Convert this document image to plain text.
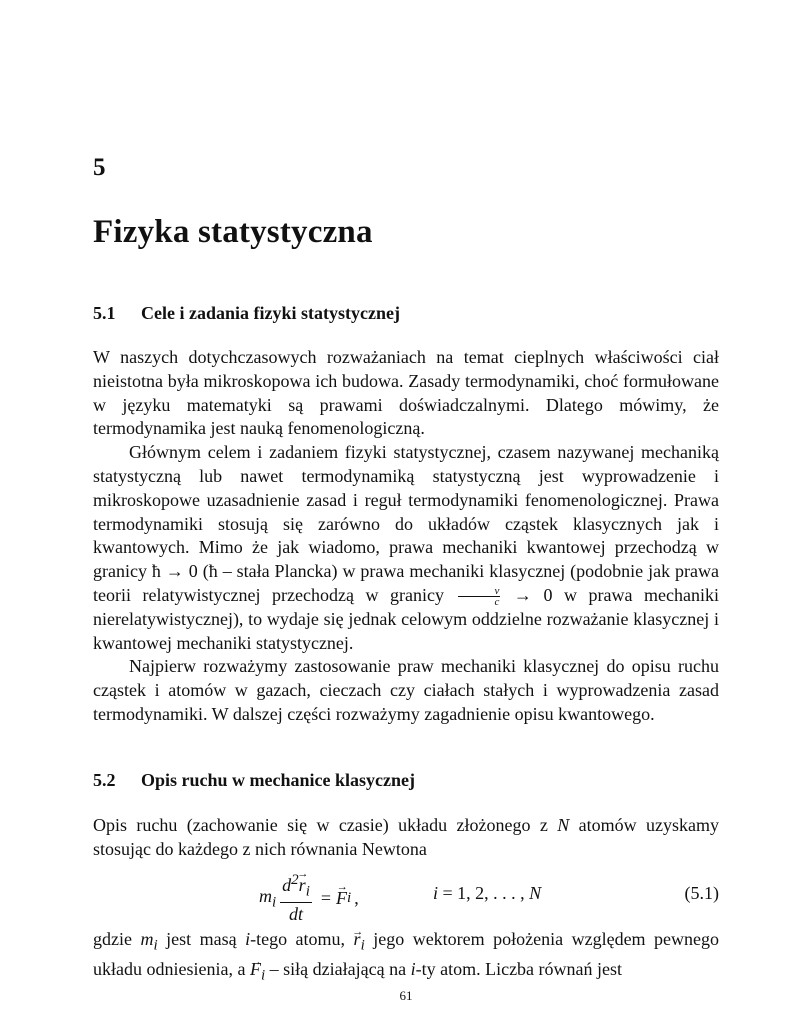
5
Fizyka statystyczna
5.1 Cele i zadania fizyki statystycznej

W naszych dotychczasowych rozważaniach na temat cieplnych właściwości ciał nieistotna była mikroskopowa ich budowa. Zasady termodynamiki, choć formułowane w języku matematyki są prawami doświadczalnymi. Dlatego mówimy, że termodynamika jest nauką fenomenologiczną.

Głównym celem i zadaniem fizyki statystycznej, czasem nazywanej mechaniką statystyczną lub nawet termodynamiką statystyczną jest wyprowadzenie i mikroskopowe uzasadnienie zasad i reguł termodynamiki fenomenologicznej. Prawa termodynamiki stosują się zarówno do układów cząstek klasycznych jak i kwantowych. Mimo że jak wiadomo, prawa mechaniki kwantowej przechodzą w granicy ħ → 0 (ħ – stała Plancka) w prawa mechaniki klasycznej (podobnie jak prawa teorii relatywistycznej przechodzą w granicy $\frac{v}{c} \to 0$ w prawa mechaniki nierelatywistycznej), to wydaje się jednak celowym oddzielne rozważanie klasycznej i kwantowej mechaniki statystycznej.

Najpierw rozważymy zastosowanie praw mechaniki klasycznej do opisu ruchu cząstek i atomów w gazach, cieczach czy ciałach stałych i wyprowadzenia zasad termodynamiki. W dalszej części rozważymy zagadnienie opisu kwantowego.

5.2 Opis ruchu w mechanice klasycznej

Opis ruchu (zachowanie się w czasie) układu złożonego z N atomów uzyskamy stosując do każdego z nich równania Newtona

$m_i \frac{d^2r \to_i}{dt} = F \to i$ ,	i = 1, 2, . . . , N	(5.1)

gdzie $m_i$ jest masą i-tego atomu, $r \to_i$ jego wektorem położenia względem pewnego układu odniesienia, a $F \to_i$ – siłą działającą na i-ty atom. Liczba równań jest

61
